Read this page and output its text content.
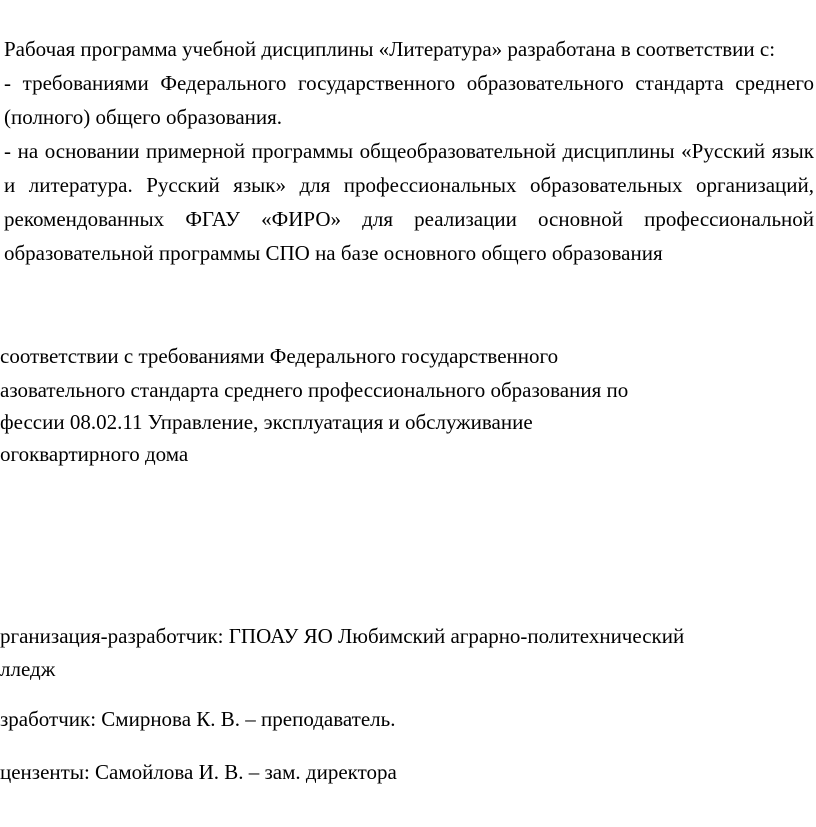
Рабочая программа учебной дисциплины «Литература» разработана в соответствии с:

- требованиями Федерального государственного образовательного стандарта среднего (полного) общего образования.

- на основании примерной программы общеобразовательной дисциплины «Русский язык и литература. Русский язык» для профессиональных образовательных организаций, рекомендованных ФГАУ «ФИРО» для реализации основной профессиональной образовательной программы СПО на базе основного общего образования

соответствии с требованиями Федерального государственного
азовательного стандарта среднего профессионального образования по
фессии 08.02.11 Управление, эксплуатация и обслуживание
огоквартирного дома
рганизация-разработчик: ГПОАУ ЯО Любимский аграрно-политехнический
лледж
зработчик: Смирнова К. В. – преподаватель.
цензенты: Самойлова И. В. – зам. директора
